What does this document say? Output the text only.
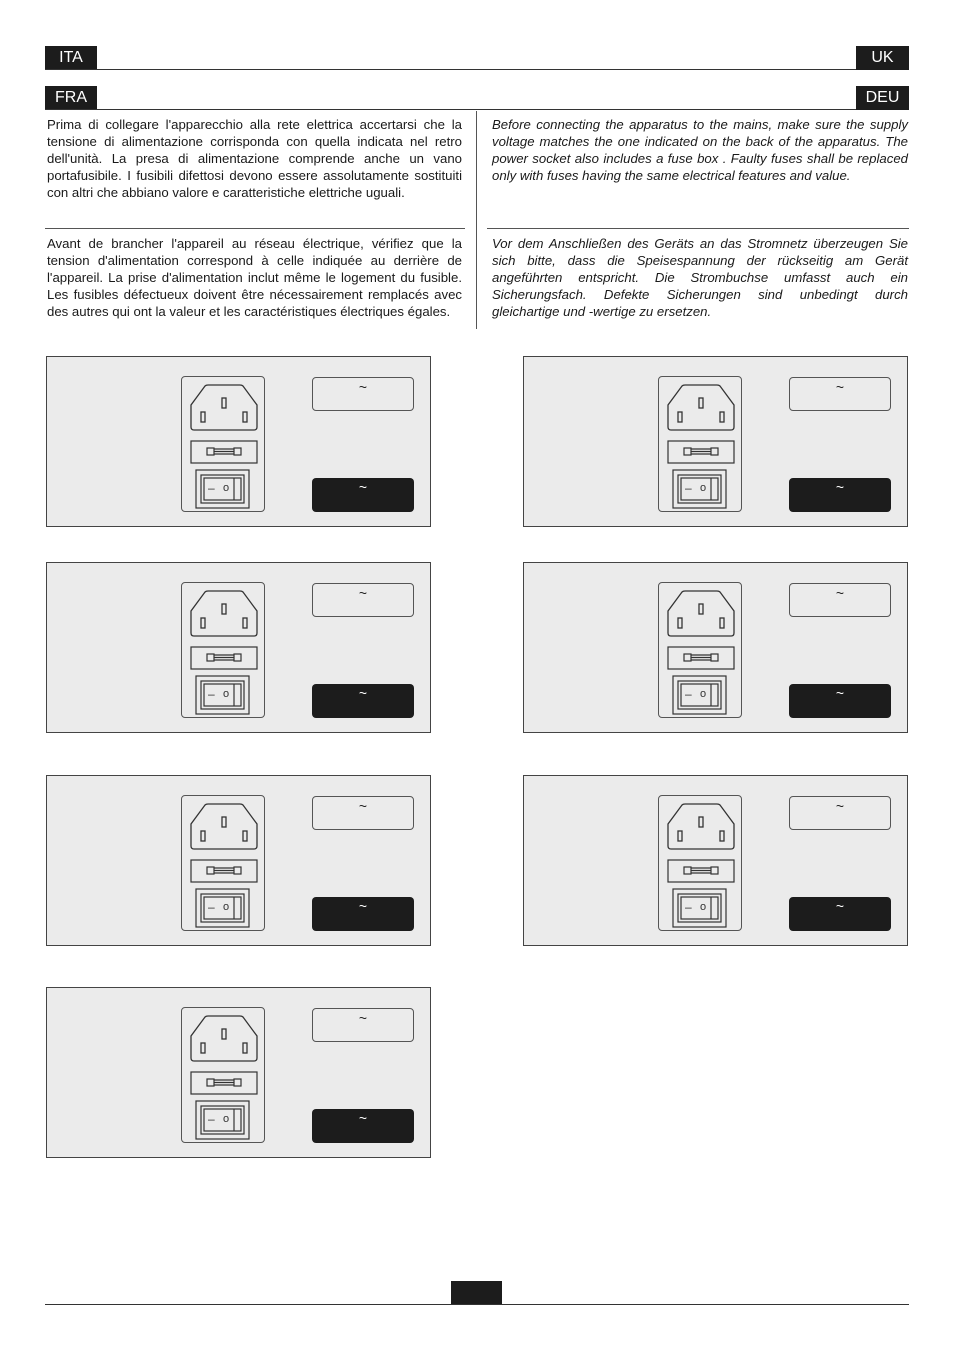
ITA	UK
FRA	DEU

Prima di collegare l'apparecchio alla rete elettrica accertarsi che la tensione di alimentazione corrisponda con quella indicata nel retro dell'unità. La presa di alimentazione comprende anche un vano portafusibile. I fusibili difettosi devono essere assolutamente sostituiti con altri che abbiano valore e caratteristiche elettriche uguali.

Before connecting the apparatus to the mains, make sure the supply voltage matches the one indicated on the back of the apparatus. The power socket also includes a fuse box . Faulty fuses shall be replaced only with fuses having the same electrical features and value.

Avant de brancher l'appareil au réseau électrique, vérifiez que la tension d'alimentation correspond à celle indiquée au derrière de l'appareil. La prise d'alimentation inclut même le logement du fusible. Les fusibles défectueux doivent être nécessairement remplacés avec des autres qui ont la valeur et les caractéristiques électriques égales.

Vor dem Anschließen des Geräts an das Stromnetz überzeugen Sie sich bitte, dass die Speisespannung der rückseitig am Gerät angeführten entspricht. Die Strombuchse umfasst auch ein Sicherungsfach. Defekte Sicherungen sind unbedingt durch gleichartige und -wertige zu ersetzen.

– o
~
~	– o
~
~
– o
~
~	– o
~
~
– o
~
~	– o
~
~
– o
~
~
